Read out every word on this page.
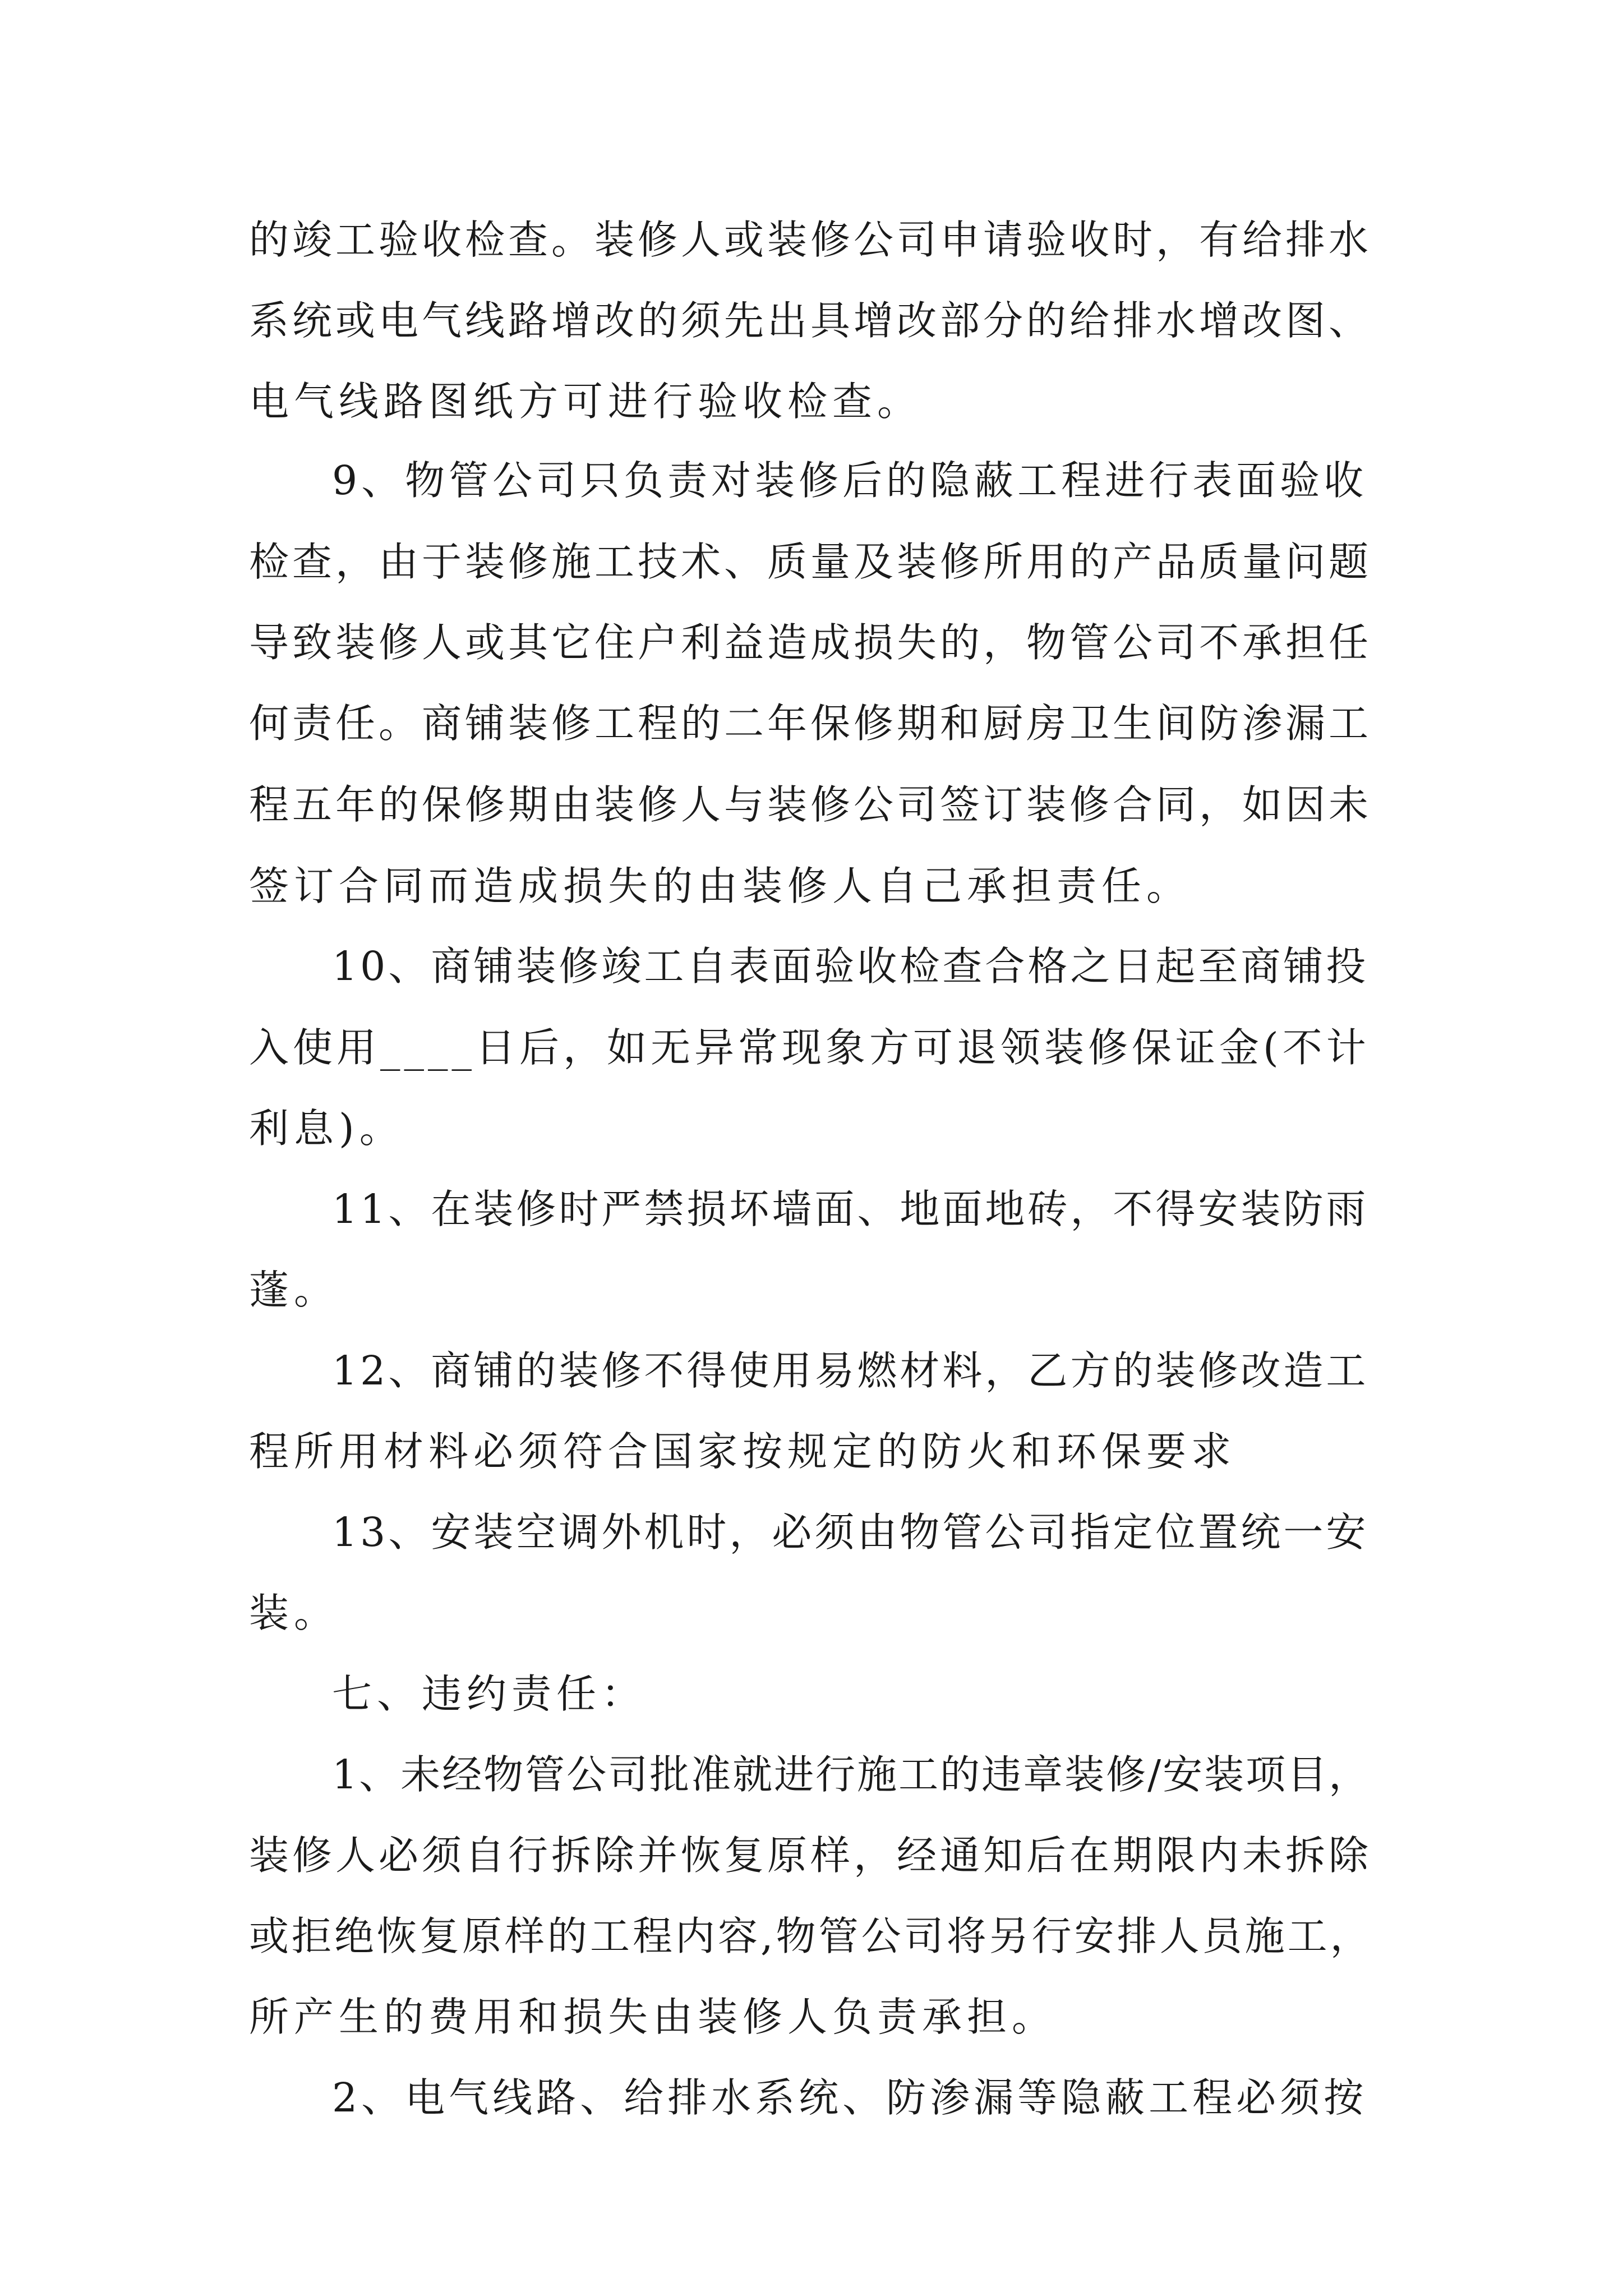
的竣工验收检查。装修人或装修公司申请验收时，有给排水

系统或电气线路增改的须先出具增改部分的给排水增改图、

电气线路图纸方可进行验收检查。

9、物管公司只负责对装修后的隐蔽工程进行表面验收

检查，由于装修施工技术、质量及装修所用的产品质量问题

导致装修人或其它住户利益造成损失的，物管公司不承担任

何责任。商铺装修工程的二年保修期和厨房卫生间防渗漏工

程五年的保修期由装修人与装修公司签订装修合同，如因未

签订合同而造成损失的由装修人自己承担责任。

10、商铺装修竣工自表面验收检查合格之日起至商铺投

入使用____日后，如无异常现象方可退领装修保证金(不计

利息)。

11、在装修时严禁损坏墙面、地面地砖，不得安装防雨

蓬。

12、商铺的装修不得使用易燃材料，乙方的装修改造工

程所用材料必须符合国家按规定的防火和环保要求

13、安装空调外机时，必须由物管公司指定位置统一安

装。

七、违约责任：

1、未经物管公司批准就进行施工的违章装修/安装项目，

装修人必须自行拆除并恢复原样，经通知后在期限内未拆除

或拒绝恢复原样的工程内容,物管公司将另行安排人员施工，

所产生的费用和损失由装修人负责承担。

2、电气线路、给排水系统、防渗漏等隐蔽工程必须按
